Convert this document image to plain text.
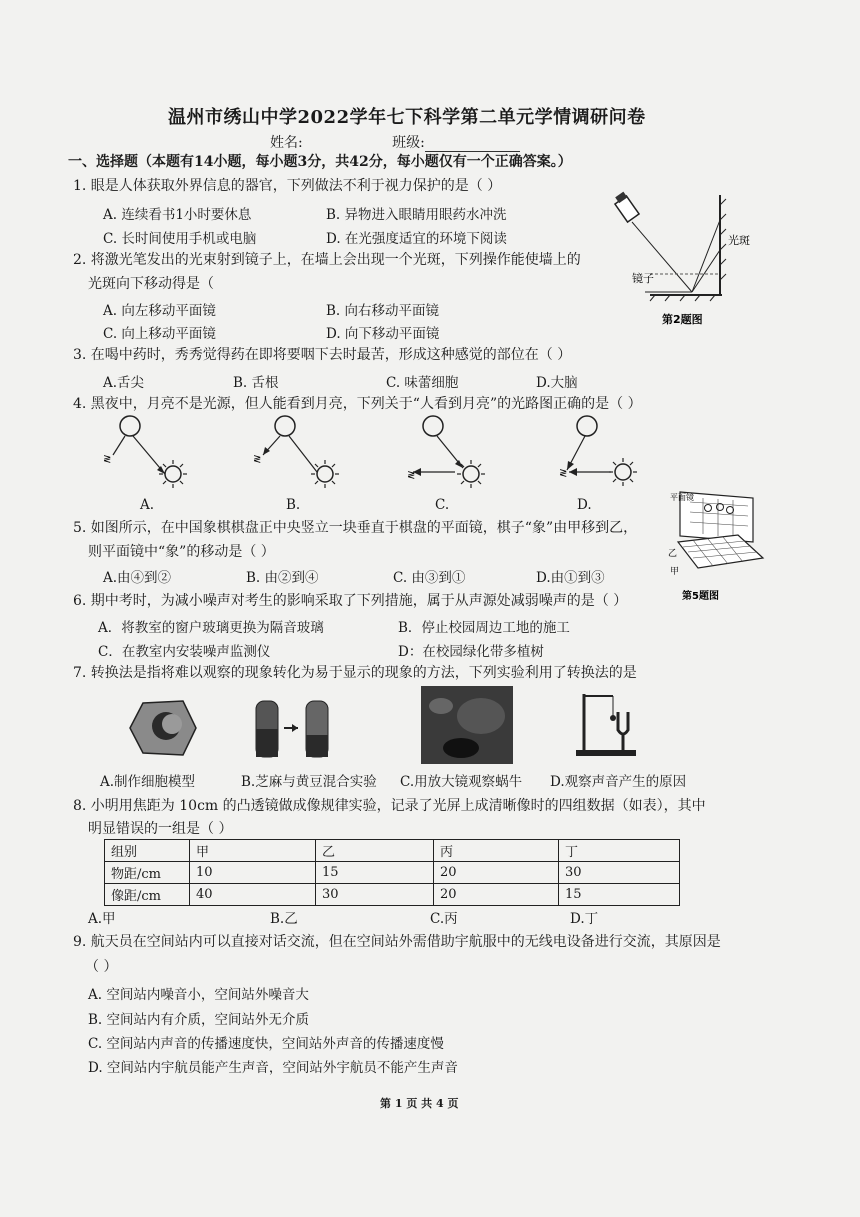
温州市绣山中学2022学年七下科学第二单元学情调研问卷
姓名:	班级:
一、选择题（本题有14小题，每小题3分，共42分，每小题仅有一个正确答案。）
1. 眼是人体获取外界信息的器官，下列做法不利于视力保护的是（ ）
A. 连续看书1小时要休息	B. 异物进入眼睛用眼药水冲洗
C. 长时间使用手机或电脑	D. 在光强度适宜的环境下阅读
2. 将激光笔发出的光束射到镜子上，在墙上会出现一个光斑，下列操作能使墙上的
光斑向下移动得是（
A. 向左移动平面镜	B. 向右移动平面镜
C. 向上移动平面镜	D. 向下移动平面镜
光斑
镜子
第2题图
3. 在喝中药时，秀秀觉得药在即将要咽下去时最苦，形成这种感觉的部位在（ ）
A.舌尖	B. 舌根	C. 味蕾细胞	D.大脑
4. 黑夜中，月亮不是光源，但人能看到月亮，下列关于“人看到月亮”的光路图正确的是（ ）
≷
A.
≷
B.
≷
C.
≷
D.
5. 如图所示，在中国象棋棋盘正中央竖立一块垂直于棋盘的平面镜，棋子“象”由甲移到乙，
则平面镜中“象”的移动是（ ）
A.由④到②	B. 由②到④	C. 由③到①	D.由①到③
平面镜
乙
甲
第5题图
6. 期中考时，为减小噪声对考生的影响采取了下列措施，属于从声源处减弱噪声的是（ ）
A．将教室的窗户玻璃更换为隔音玻璃	B．停止校园周边工地的施工
C．在教室内安装噪声监测仪	D：在校园绿化带多植树
7. 转换法是指将难以观察的现象转化为易于显示的现象的方法，下列实验利用了转换法的是
A.制作细胞模型	B.芝麻与黄豆混合实验 C.用放大镜观察蜗牛 D.观察声音产生的原因
8. 小明用焦距为 10cm 的凸透镜做成像规律实验，记录了光屏上成清晰像时的四组数据（如表），其中
明显错误的一组是（ ）
组别	甲	乙	丙	丁
物距/cm	10	15	20	30
像距/cm	40	30	20	15
A.甲	B.乙	C.丙	D.丁
9. 航天员在空间站内可以直接对话交流，但在空间站外需借助宇航服中的无线电设备进行交流，其原因是
（ ）
A. 空间站内噪音小，空间站外噪音大
B. 空间站内有介质，空间站外无介质
C. 空间站内声音的传播速度快，空间站外声音的传播速度慢
D. 空间站内宇航员能产生声音，空间站外宇航员不能产生声音
第 1 页 共 4 页
